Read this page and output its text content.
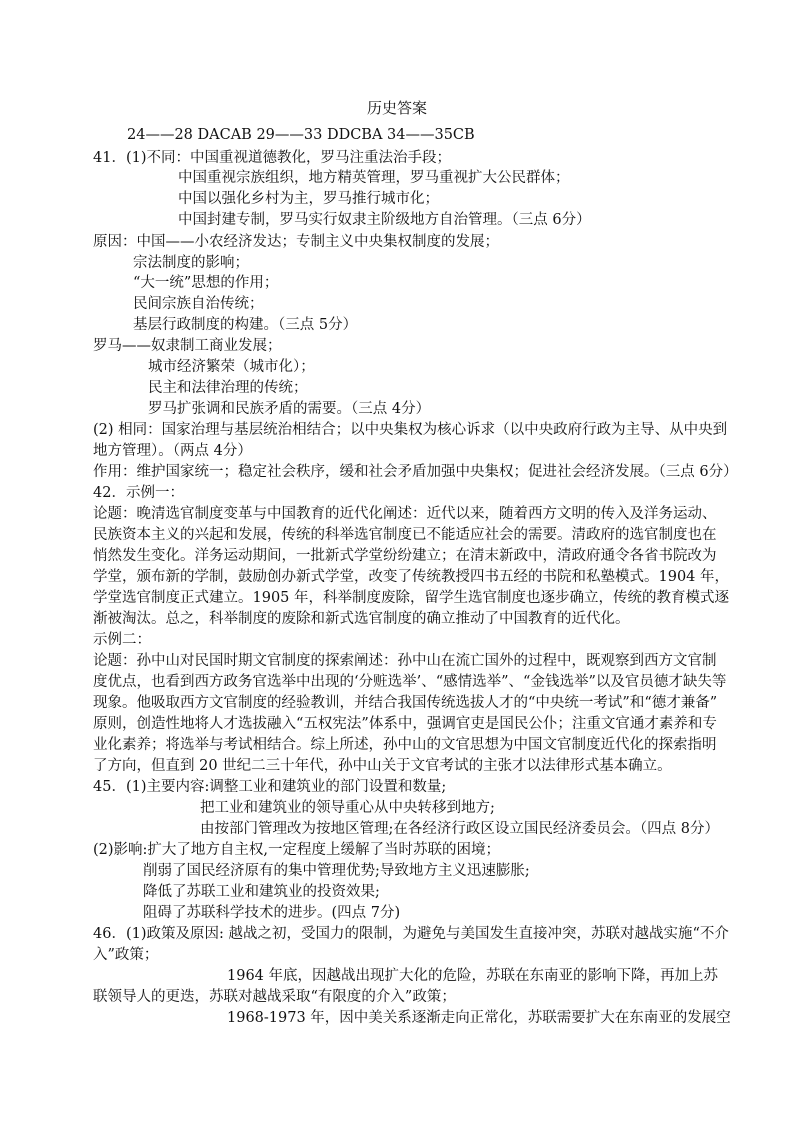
历史答案
24——28 DACAB 29——33 DDCBA 34——35CB
41．(1)不同：中国重视道德教化，罗马注重法治手段；
中国重视宗族组织，地方精英管理，罗马重视扩大公民群体；
中国以强化乡村为主，罗马推行城市化；
中国封建专制，罗马实行奴隶主阶级地方自治管理。（三点 6分）
原因：中国——小农经济发达；专制主义中央集权制度的发展；
宗法制度的影响；
“大一统”思想的作用；
民间宗族自治传统；
基层行政制度的构建。（三点 5分）
罗马——奴隶制工商业发展；
城市经济繁荣（城市化）；
民主和法律治理的传统；
罗马扩张调和民族矛盾的需要。（三点 4分）
(2) 相同：国家治理与基层统治相结合；以中央集权为核心诉求（以中央政府行政为主导、从中央到
地方管理）。（两点 4分）
作用：维护国家统一；稳定社会秩序，缓和社会矛盾加强中央集权；促进社会经济发展。（三点 6分）
42．示例一：
论题：晚清选官制度变革与中国教育的近代化阐述：近代以来，随着西方文明的传入及洋务运动、
民族资本主义的兴起和发展，传统的科举选官制度已不能适应社会的需要。清政府的选官制度也在
悄然发生变化。洋务运动期间，一批新式学堂纷纷建立；在清末新政中，清政府通令各省书院改为
学堂，颁布新的学制，鼓励创办新式学堂，改变了传统教授四书五经的书院和私塾模式。1904 年，
学堂选官制度正式建立。1905 年，科举制度废除，留学生选官制度也逐步确立，传统的教育模式逐
渐被淘汰。总之，科举制度的废除和新式选官制度的确立推动了中国教育的近代化。
示例二：
论题：孙中山对民国时期文官制度的探索阐述：孙中山在流亡国外的过程中，既观察到西方文官制
度优点，也看到西方政务官选举中出现的‘分赃选举’、“感情选举”、“金钱选举”以及官员德才缺失等
现象。他吸取西方文官制度的经验教训，并结合我国传统选拔人才的“中央统一考试”和“德才兼备”
原则，创造性地将人才选拔融入“五权宪法”体系中，强调官吏是国民公仆；注重文官通才素养和专
业化素养；将选举与考试相结合。综上所述，孙中山的文官思想为中国文官制度近代化的探索指明
了方向，但直到 20 世纪二三十年代，孙中山关于文官考试的主张才以法律形式基本确立。
45．(1)主要内容:调整工业和建筑业的部门设置和数量;
把工业和建筑业的领导重心从中央转移到地方;
由按部门管理改为按地区管理;在各经济行政区设立国民经济委员会。（四点 8分）
(2)影响:扩大了地方自主权,一定程度上缓解了当时苏联的困境；
削弱了国民经济原有的集中管理优势;导致地方主义迅速膨胀;
降低了苏联工业和建筑业的投资效果;
阻碍了苏联科学技术的进步。(四点 7分)
46．(1)政策及原因: 越战之初，受国力的限制，为避免与美国发生直接冲突，苏联对越战实施“不介
入”政策；
1964 年底，因越战出现扩大化的危险，苏联在东南亚的影响下降，再加上苏
联领导人的更迭，苏联对越战采取“有限度的介入”政策；
1968-1973 年，因中美关系逐渐走向正常化，苏联需要扩大在东南亚的发展空
